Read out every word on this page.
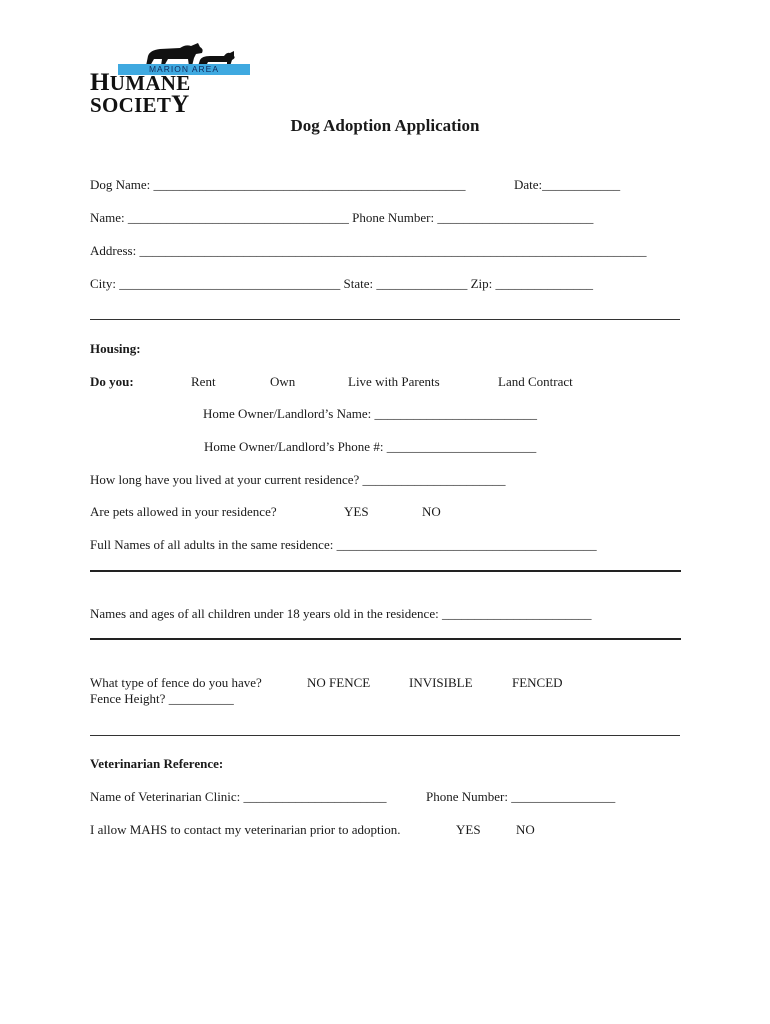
MARION AREA
HUMANE SOCIETY
Dog Adoption Application
Dog Name: ________________________________________________	Date:____________
Name: __________________________________ Phone Number: ________________________
Address: ______________________________________________________________________________
City: __________________________________ State: ______________ Zip: _______________
Housing:
Do you:	Rent	Own	Live with Parents	Land Contract
Home Owner/Landlord’s Name: _________________________
Home Owner/Landlord’s Phone #: _______________________
How long have you lived at your current residence? ______________________
Are pets allowed in your residence?	YES	NO
Full Names of all adults in the same residence: ________________________________________
Names and ages of all children under 18 years old in the residence: _______________________
What type of fence do you have?	NO FENCE	INVISIBLE	FENCED
Fence Height? __________
Veterinarian Reference:
Name of Veterinarian Clinic: ______________________	Phone Number: ________________
I allow MAHS to contact my veterinarian prior to adoption.	YES	NO
